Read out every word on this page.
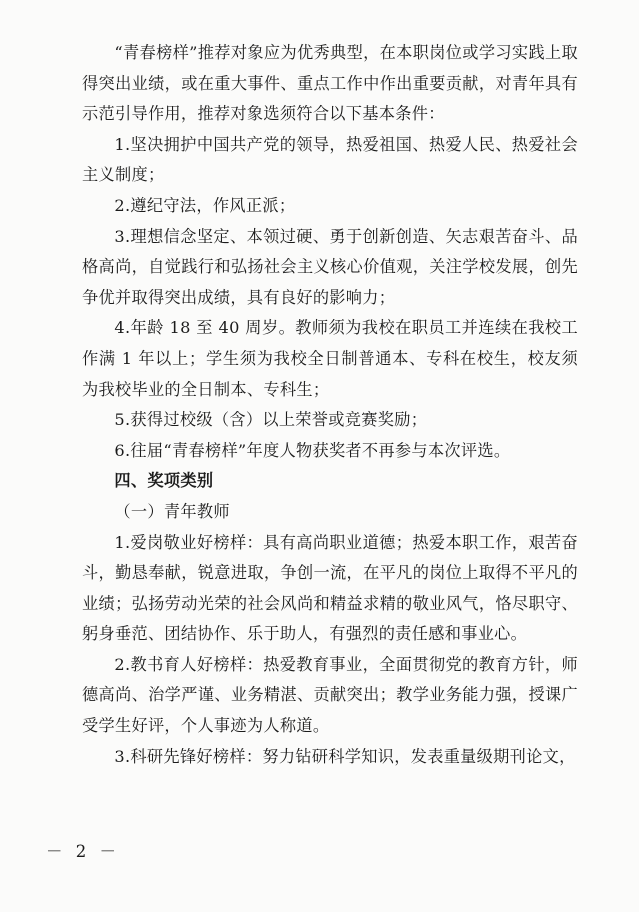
“青春榜样”推荐对象应为优秀典型，在本职岗位或学习实践上取得突出业绩，或在重大事件、重点工作中作出重要贡献，对青年具有示范引导作用，推荐对象选须符合以下基本条件：

1.坚决拥护中国共产党的领导，热爱祖国、热爱人民、热爱社会主义制度；

2.遵纪守法，作风正派；

3.理想信念坚定、本领过硬、勇于创新创造、矢志艰苦奋斗、品格高尚，自觉践行和弘扬社会主义核心价值观，关注学校发展，创先争优并取得突出成绩，具有良好的影响力；

4.年龄 18 至 40 周岁。教师须为我校在职员工并连续在我校工作满 1 年以上；学生须为我校全日制普通本、专科在校生，校友须为我校毕业的全日制本、专科生；

5.获得过校级（含）以上荣誉或竞赛奖励；

6.往届“青春榜样”年度人物获奖者不再参与本次评选。

四、奖项类别

（一）青年教师

1.爱岗敬业好榜样：具有高尚职业道德；热爱本职工作，艰苦奋斗，勤恳奉献，锐意进取，争创一流，在平凡的岗位上取得不平凡的业绩；弘扬劳动光荣的社会风尚和精益求精的敬业风气，恪尽职守、躬身垂范、团结协作、乐于助人，有强烈的责任感和事业心。

2.教书育人好榜样：热爱教育事业，全面贯彻党的教育方针，师德高尚、治学严谨、业务精湛、贡献突出；教学业务能力强，授课广受学生好评，个人事迹为人称道。

3.科研先锋好榜样：努力钻研科学知识，发表重量级期刊论文，

－ 2 －
